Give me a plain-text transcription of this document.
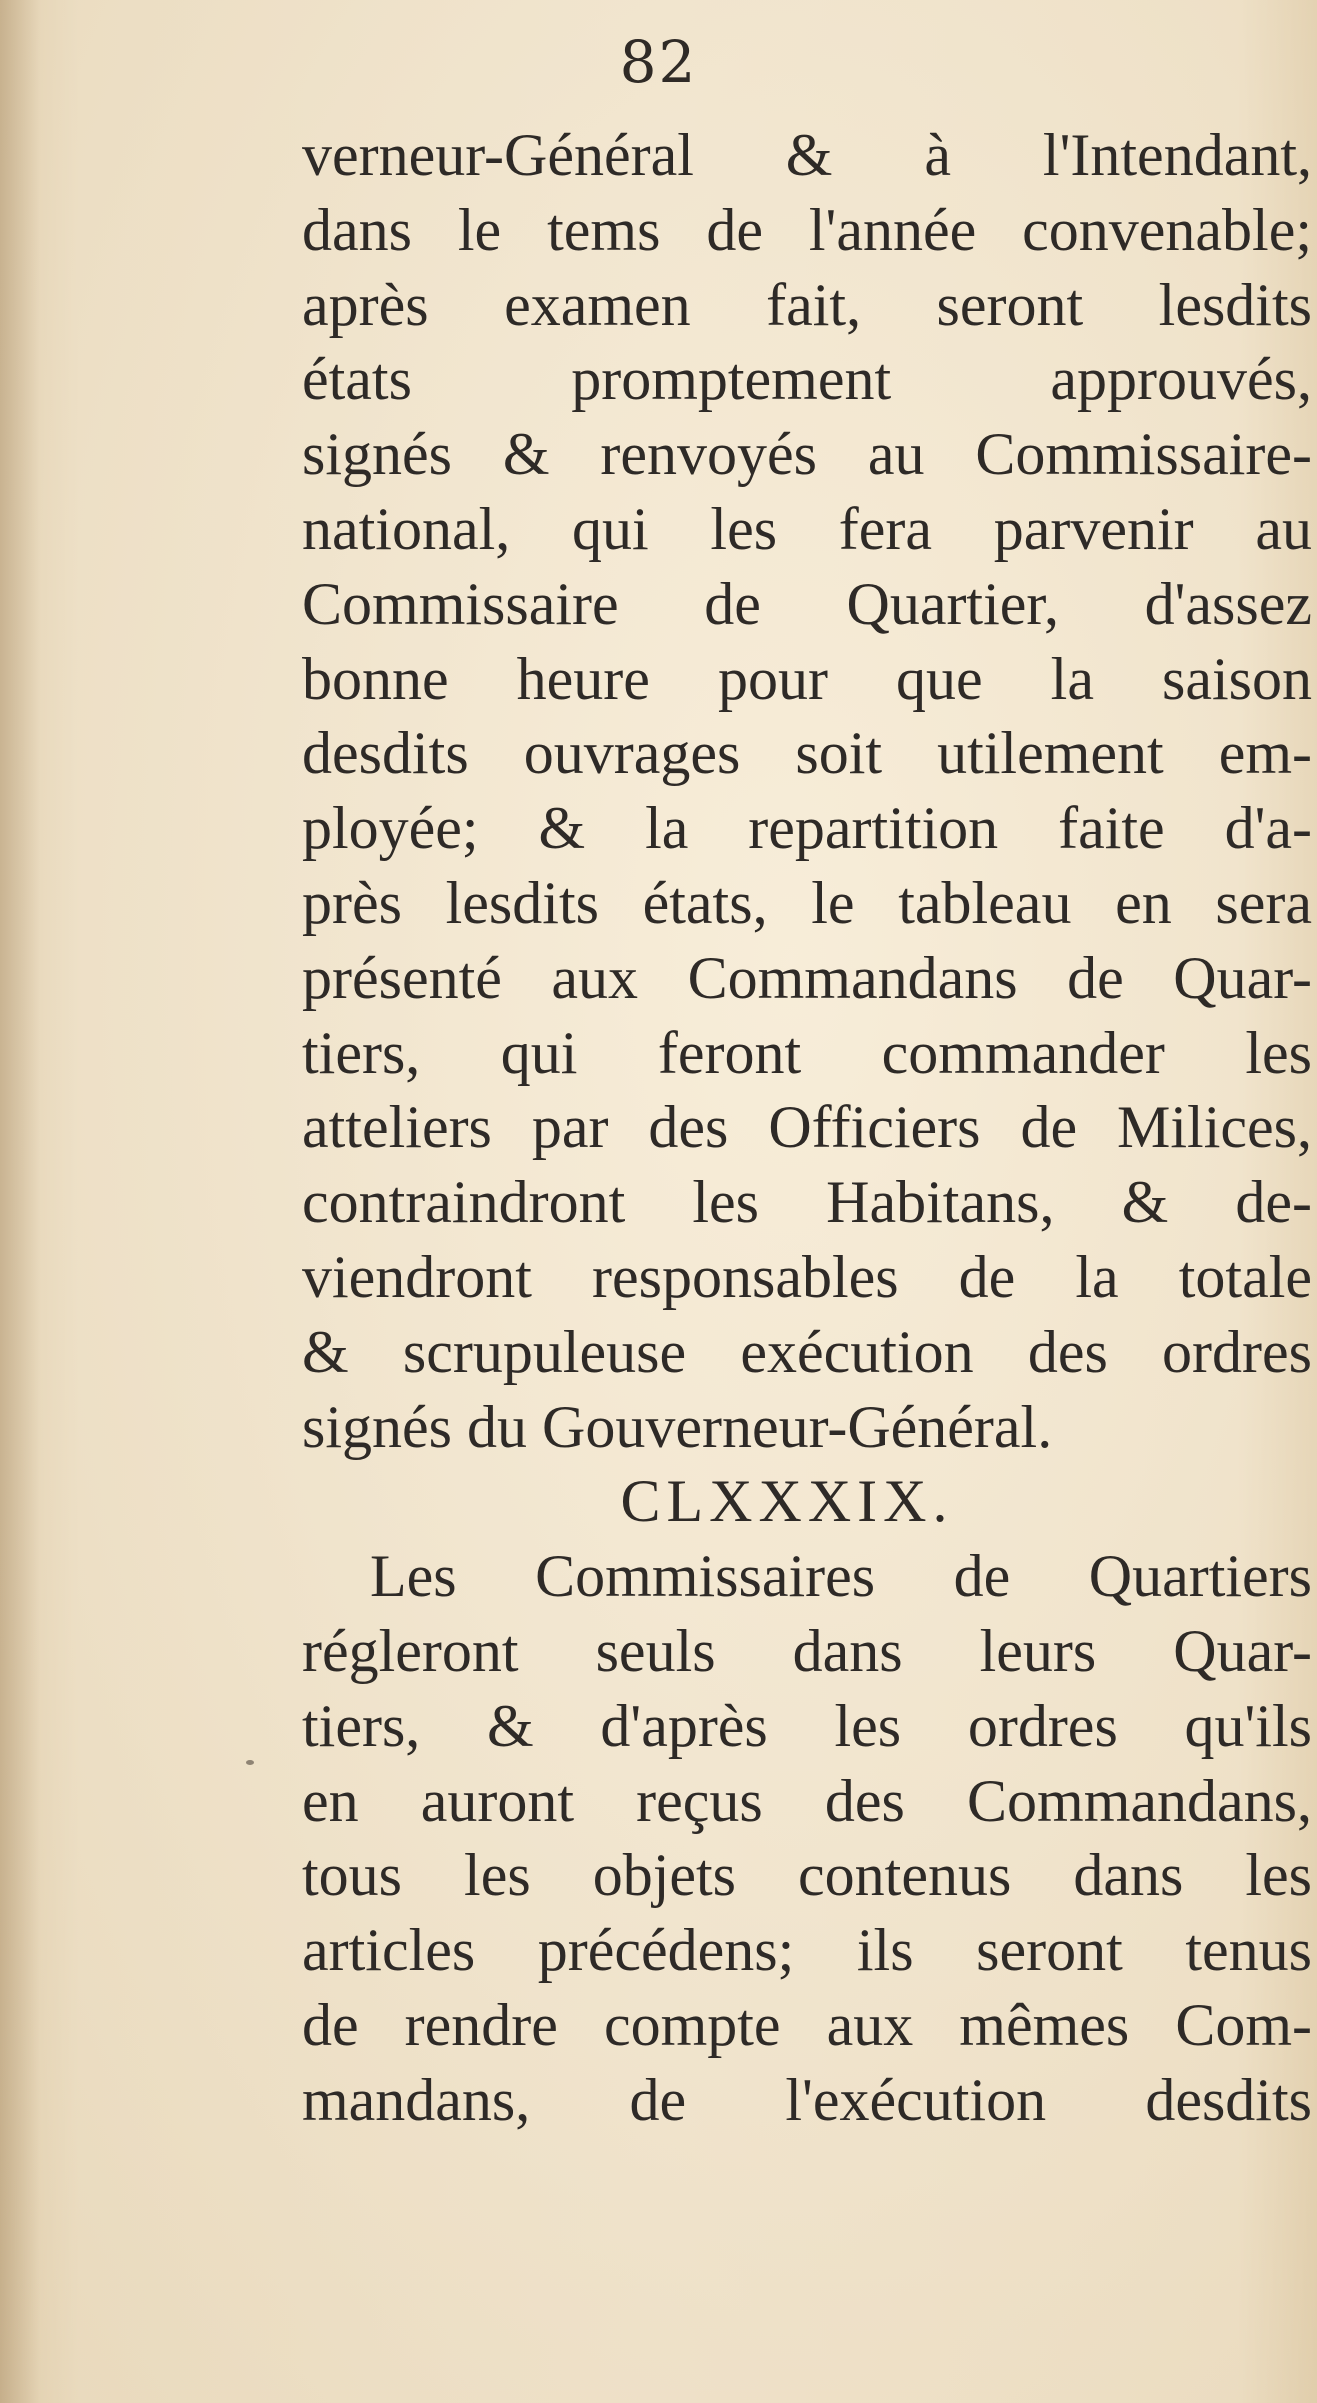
82
verneur-Général & à l'Intendant,
dans le tems de l'année convenable;
après examen fait, seront lesdits
états promptement approuvés,
signés & renvoyés au Commissaire-
national, qui les fera parvenir au
Commissaire de Quartier, d'assez
bonne heure pour que la saison
desdits ouvrages soit utilement em-
ployée; & la repartition faite d'a-
près lesdits états, le tableau en sera
présenté aux Commandans de Quar-
tiers, qui feront commander les
atteliers par des Officiers de Milices,
contraindront les Habitans, & de-
viendront responsables de la totale
& scrupuleuse exécution des ordres
signés du Gouverneur-Général.
CLXXXIX.
Les Commissaires de Quartiers
régleront seuls dans leurs Quar-
tiers, & d'après les ordres qu'ils
en auront reçus des Commandans,
tous les objets contenus dans les
articles précédens; ils seront tenus
de rendre compte aux mêmes Com-
mandans, de l'exécution desdits
